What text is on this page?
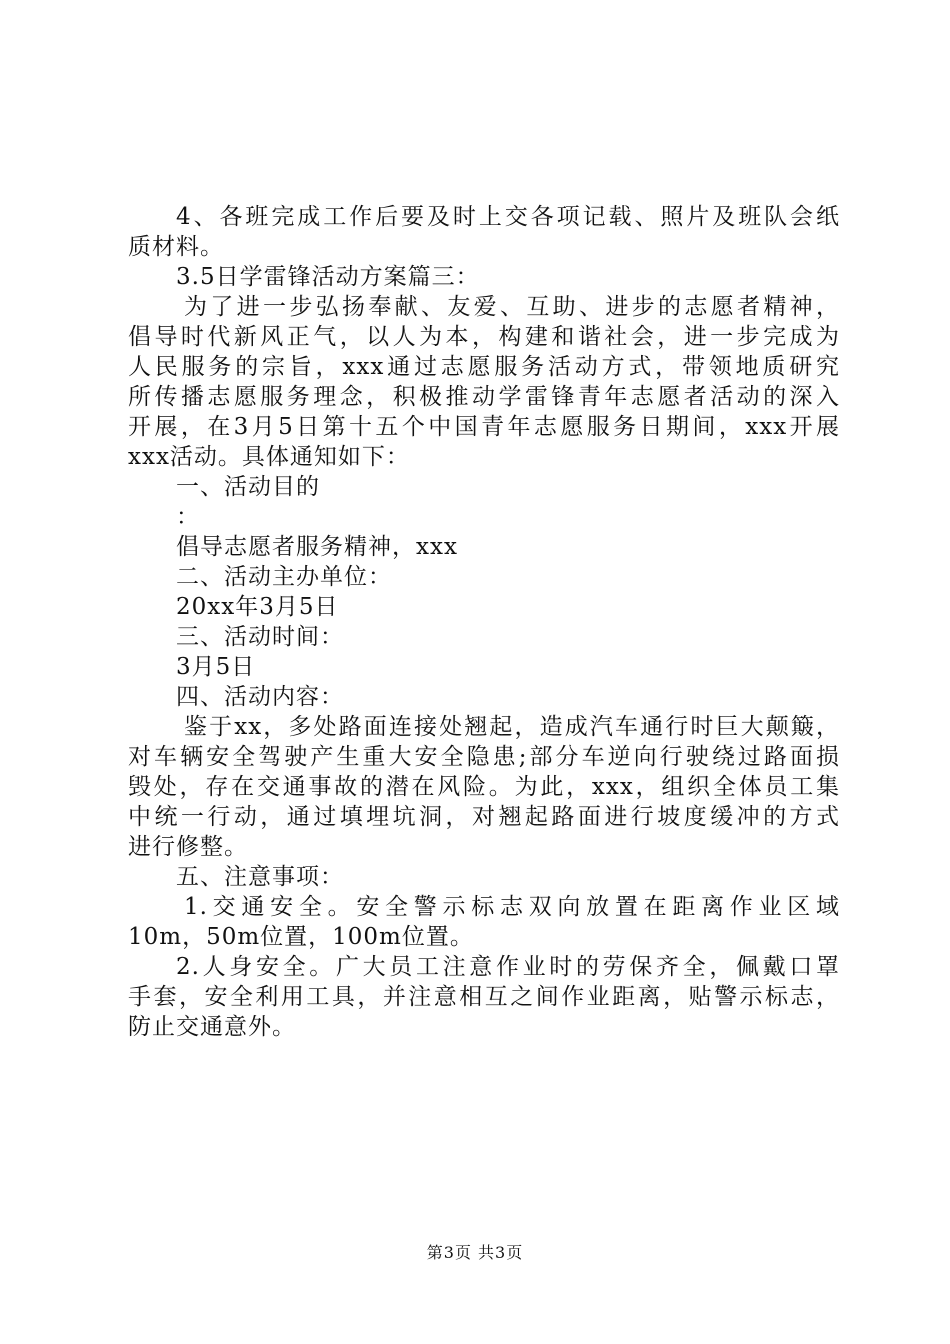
4、各班完成工作后要及时上交各项记载、照片及班队会纸
质材料。
3.5日学雷锋活动方案篇三：
为了进一步弘扬奉献、友爱、互助、进步的志愿者精神，
倡导时代新风正气，以人为本，构建和谐社会，进一步完成为
人民服务的宗旨，xxx通过志愿服务活动方式，带领地质研究
所传播志愿服务理念，积极推动学雷锋青年志愿者活动的深入
开展，在3月5日第十五个中国青年志愿服务日期间，xxx开展
xxx活动。具体通知如下：
一、活动目的
：
倡导志愿者服务精神，xxx
二、活动主办单位：
20xx年3月5日
三、活动时间：
3月5日
四、活动内容：
鉴于xx，多处路面连接处翘起，造成汽车通行时巨大颠簸，
对车辆安全驾驶产生重大安全隐患;部分车逆向行驶绕过路面损
毁处，存在交通事故的潜在风险。为此，xxx，组织全体员工集
中统一行动，通过填埋坑洞，对翘起路面进行坡度缓冲的方式
进行修整。
五、注意事项：
1.交通安全。安全警示标志双向放置在距离作业区域
10m，50m位置，100m位置。
2.人身安全。广大员工注意作业时的劳保齐全，佩戴口罩
手套，安全利用工具，并注意相互之间作业距离，贴警示标志，
防止交通意外。
第3页 共3页
